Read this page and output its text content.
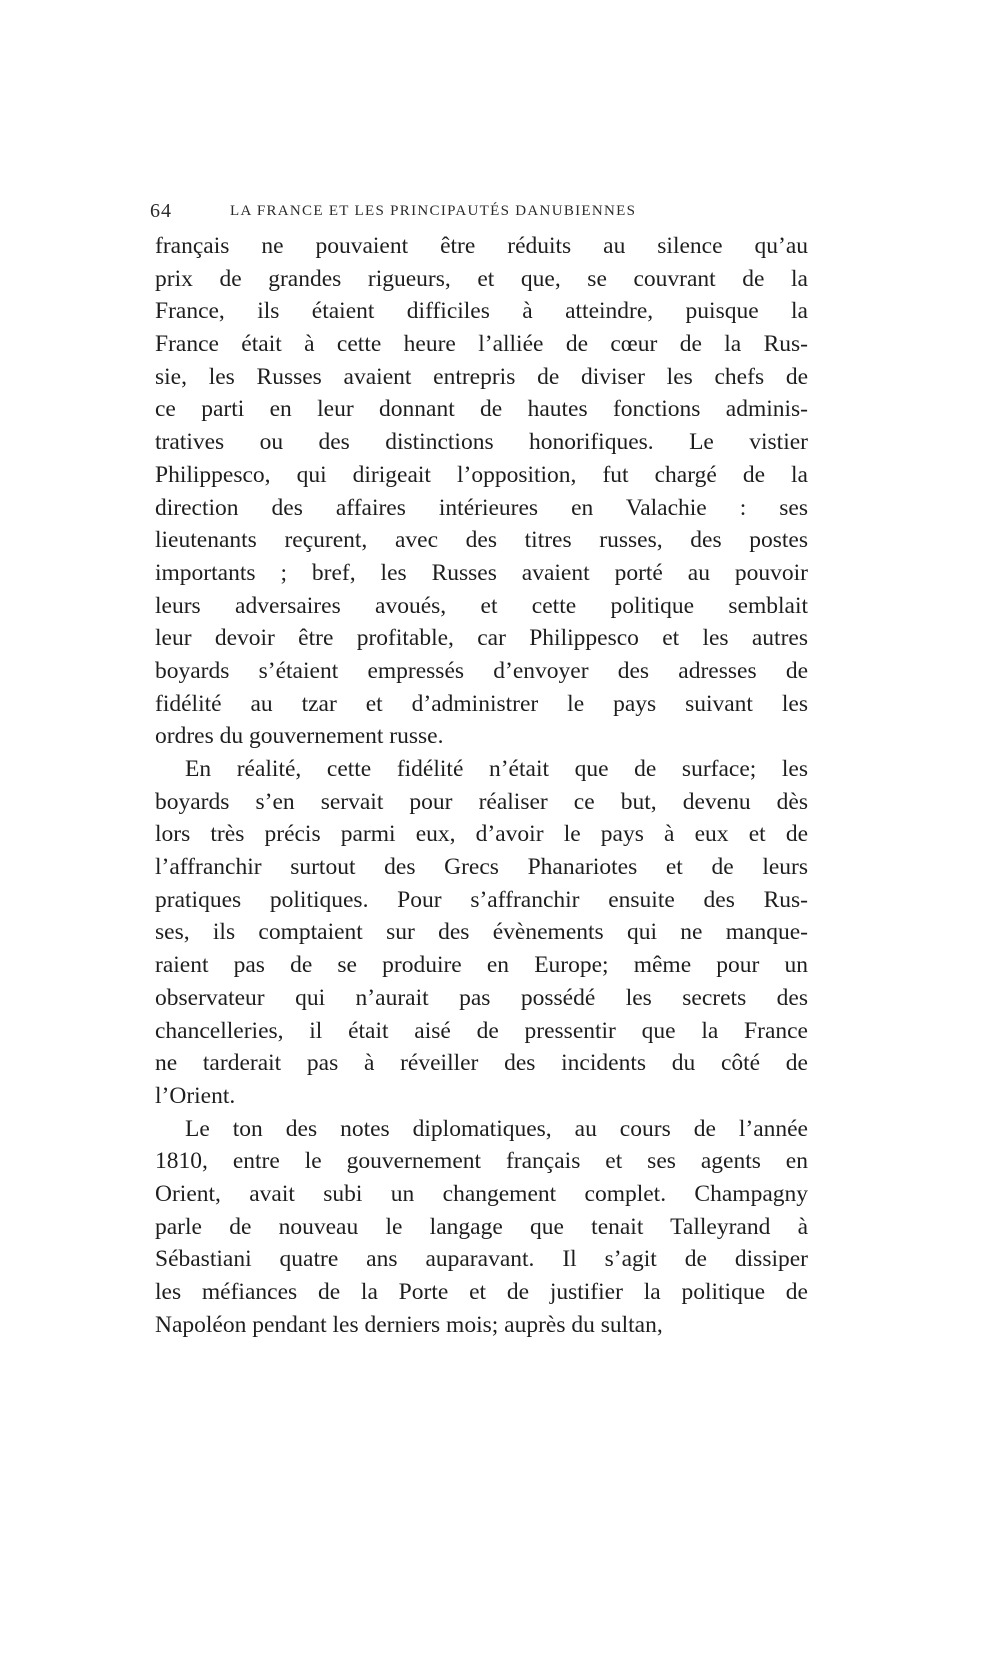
64	LA FRANCE ET LES PRINCIPAUTÉS DANUBIENNES
français ne pouvaient être réduits au silence qu’au
prix de grandes rigueurs, et que, se couvrant de la
France, ils étaient difficiles à atteindre, puisque la
France était à cette heure l’alliée de cœur de la Rus-
sie, les Russes avaient entrepris de diviser les chefs de
ce parti en leur donnant de hautes fonctions adminis-
tratives ou des distinctions honorifiques. Le vistier
Philippesco, qui dirigeait l’opposition, fut chargé de la
direction des affaires intérieures en Valachie : ses
lieutenants reçurent, avec des titres russes, des postes
importants ; bref, les Russes avaient porté au pouvoir
leurs adversaires avoués, et cette politique semblait
leur devoir être profitable, car Philippesco et les autres
boyards s’étaient empressés d’envoyer des adresses de
fidélité au tzar et d’administrer le pays suivant les
ordres du gouvernement russe.
En réalité, cette fidélité n’était que de surface; les
boyards s’en servait pour réaliser ce but, devenu dès
lors très précis parmi eux, d’avoir le pays à eux et de
l’affranchir surtout des Grecs Phanariotes et de leurs
pratiques politiques. Pour s’affranchir ensuite des Rus-
ses, ils comptaient sur des évènements qui ne manque-
raient pas de se produire en Europe; même pour un
observateur qui n’aurait pas possédé les secrets des
chancelleries, il était aisé de pressentir que la France
ne tarderait pas à réveiller des incidents du côté de
l’Orient.
Le ton des notes diplomatiques, au cours de l’année
1810, entre le gouvernement français et ses agents en
Orient, avait subi un changement complet. Champagny
parle de nouveau le langage que tenait Talleyrand à
Sébastiani quatre ans auparavant. Il s’agit de dissiper
les méfiances de la Porte et de justifier la politique de
Napoléon pendant les derniers mois; auprès du sultan,
